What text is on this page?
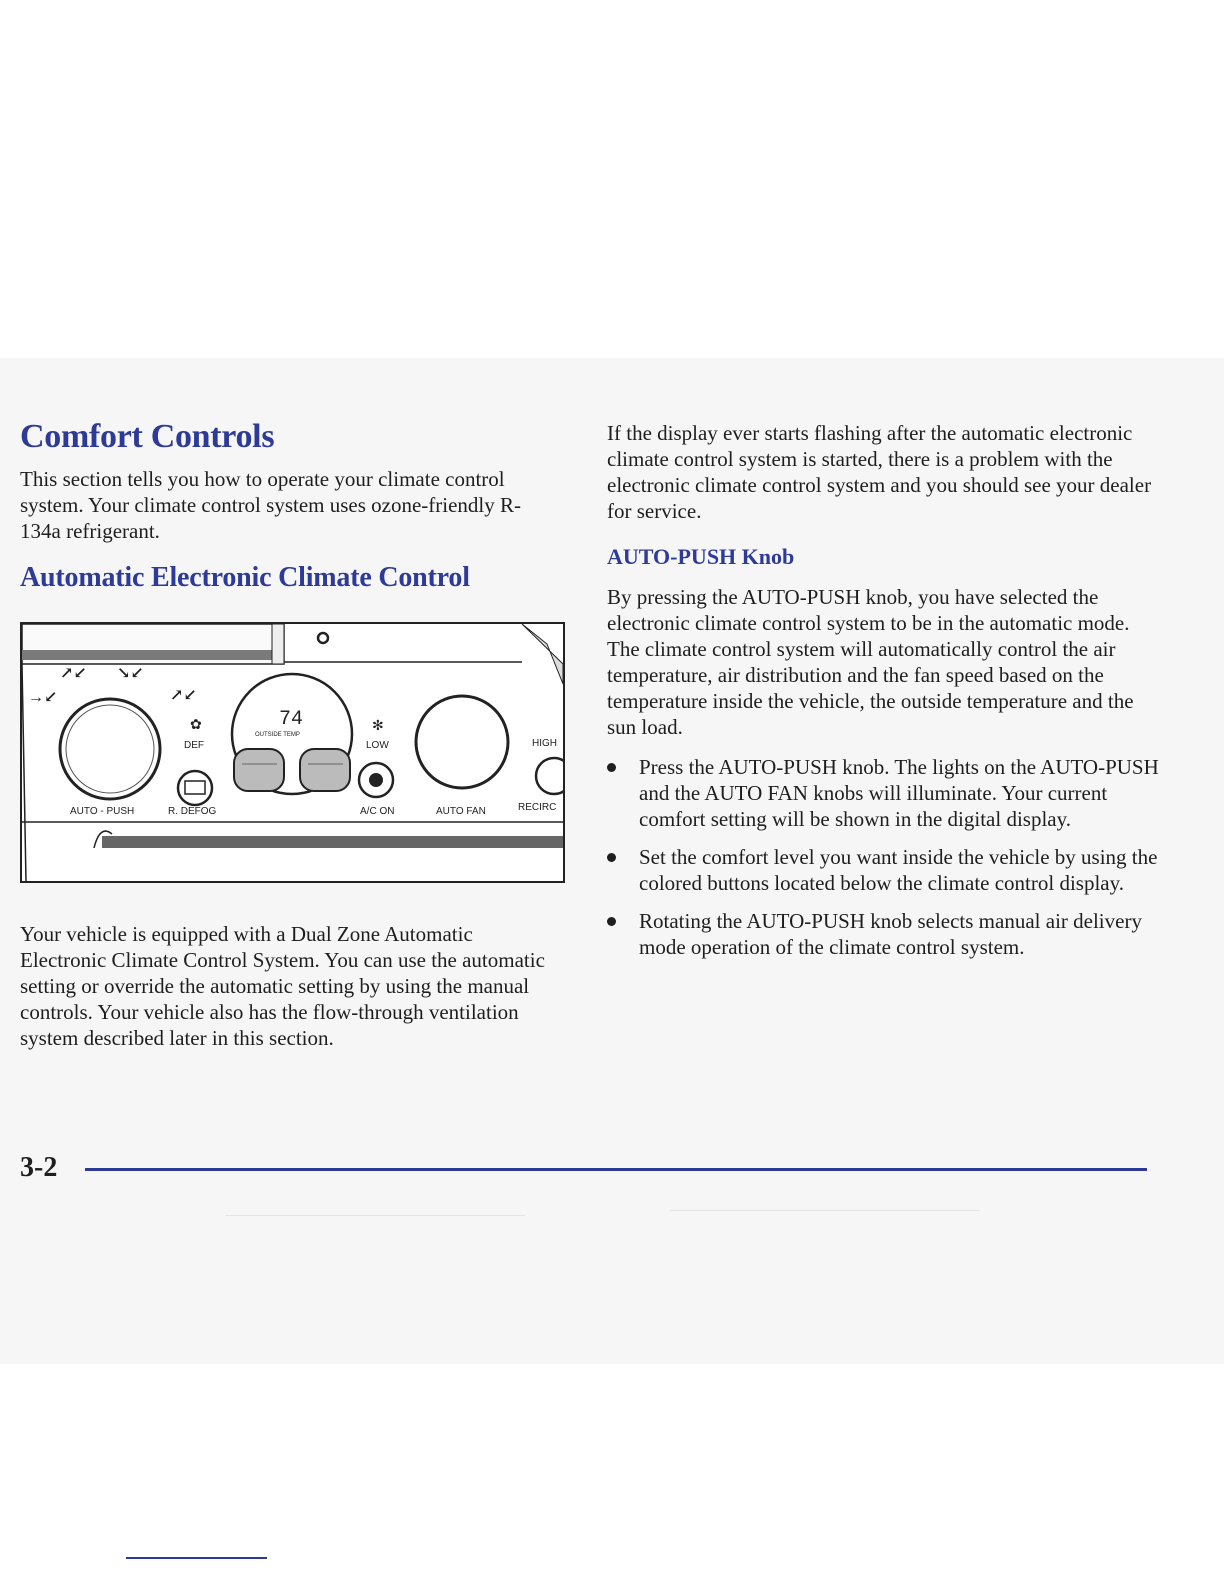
Comfort Controls

This section tells you how to operate your climate control system. Your climate control system uses ozone-friendly R-134a refrigerant.

Automatic Electronic Climate Control
↗↙ ↘↙
→↙	↗↙
✿
DEF
74
OUTSIDE TEMP
✻
LOW	HIGH
AUTO - PUSH	R. DEFOG	A/C ON	AUTO FAN	RECIRC

Your vehicle is equipped with a Dual Zone Automatic Electronic Climate Control System. You can use the automatic setting or override the automatic setting by using the manual controls. Your vehicle also has the flow-through ventilation system described later in this section.

If the display ever starts flashing after the automatic electronic climate control system is started, there is a problem with the electronic climate control system and you should see your dealer for service.

AUTO-PUSH Knob

By pressing the AUTO-PUSH knob, you have selected the electronic climate control system to be in the automatic mode. The climate control system will automatically control the air temperature, air distribution and the fan speed based on the temperature inside the vehicle, the outside temperature and the sun load.

Press the AUTO-PUSH knob. The lights on the AUTO-PUSH and the AUTO FAN knobs will illuminate. Your current comfort setting will be shown in the digital display.
Set the comfort level you want inside the vehicle by using the colored buttons located below the climate control display.
Rotating the AUTO-PUSH knob selects manual air delivery mode operation of the climate control system.
3-2
